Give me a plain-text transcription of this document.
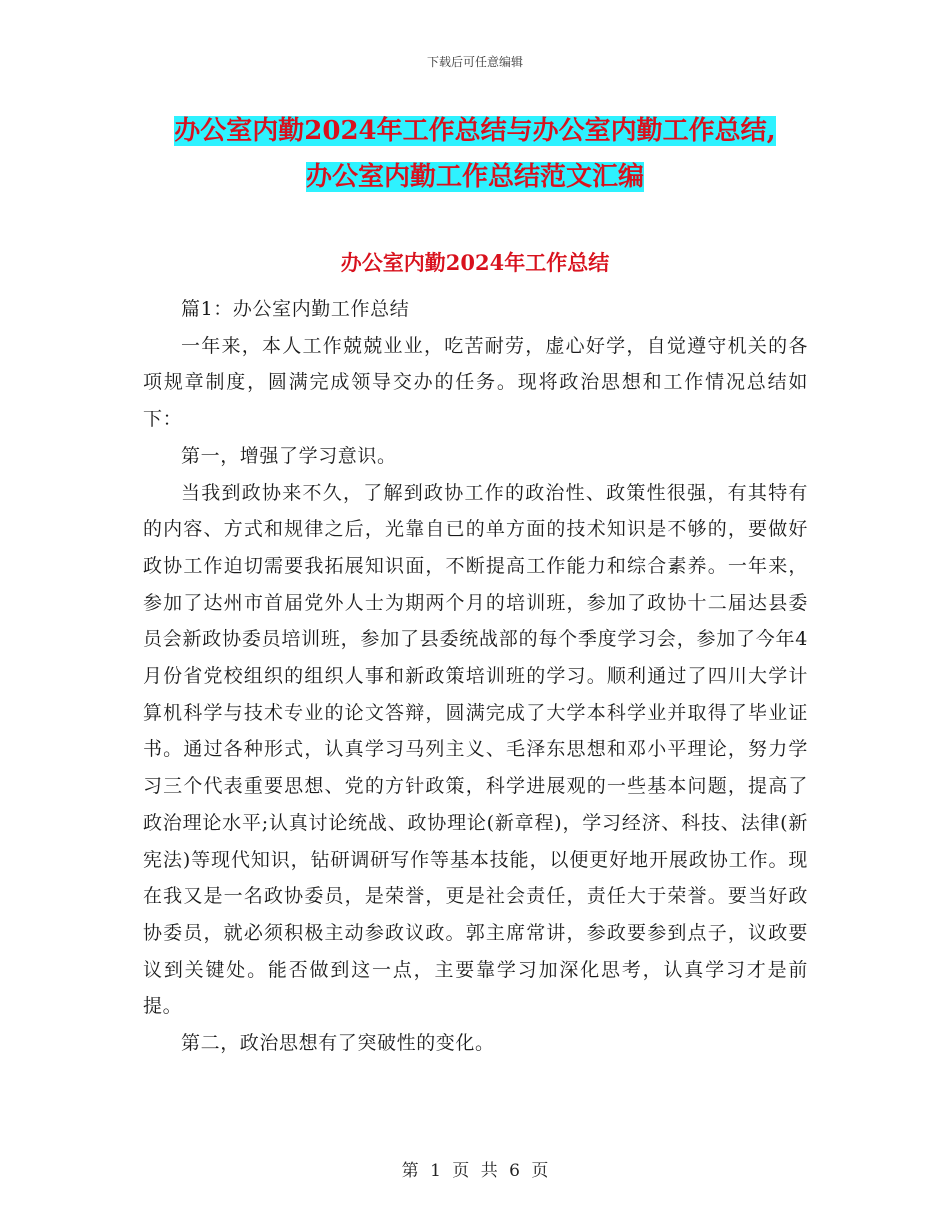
下载后可任意编辑
办公室内勤2024年工作总结与办公室内勤工作总结,
办公室内勤工作总结范文汇编
办公室内勤2024年工作总结

篇1：办公室内勤工作总结

一年来，本人工作兢兢业业，吃苦耐劳，虚心好学，自觉遵守机关的各项规章制度，圆满完成领导交办的任务。现将政治思想和工作情况总结如下：

第一，增强了学习意识。

当我到政协来不久，了解到政协工作的政治性、政策性很强，有其特有的内容、方式和规律之后，光靠自已的单方面的技术知识是不够的，要做好政协工作迫切需要我拓展知识面，不断提高工作能力和综合素养。一年来，参加了达州市首届党外人士为期两个月的培训班，参加了政协十二届达县委员会新政协委员培训班，参加了县委统战部的每个季度学习会，参加了今年4 月份省党校组织的组织人事和新政策培训班的学习。顺利通过了四川大学计算机科学与技术专业的论文答辩，圆满完成了大学本科学业并取得了毕业证书。通过各种形式，认真学习马列主义、毛泽东思想和邓小平理论，努力学习三个代表重要思想、党的方针政策，科学进展观的一些基本问题，提高了政治理论水平;认真讨论统战、政协理论(新章程)，学习经济、科技、法律(新宪法)等现代知识，钻研调研写作等基本技能，以便更好地开展政协工作。现在我又是一名政协委员，是荣誉，更是社会责任，责任大于荣誉。要当好政协委员，就必须积极主动参政议政。郭主席常讲，参政要参到点子，议政要议到关键处。能否做到这一点，主要靠学习加深化思考，认真学习才是前提。

第二，政治思想有了突破性的变化。

第 1 页 共 6 页
